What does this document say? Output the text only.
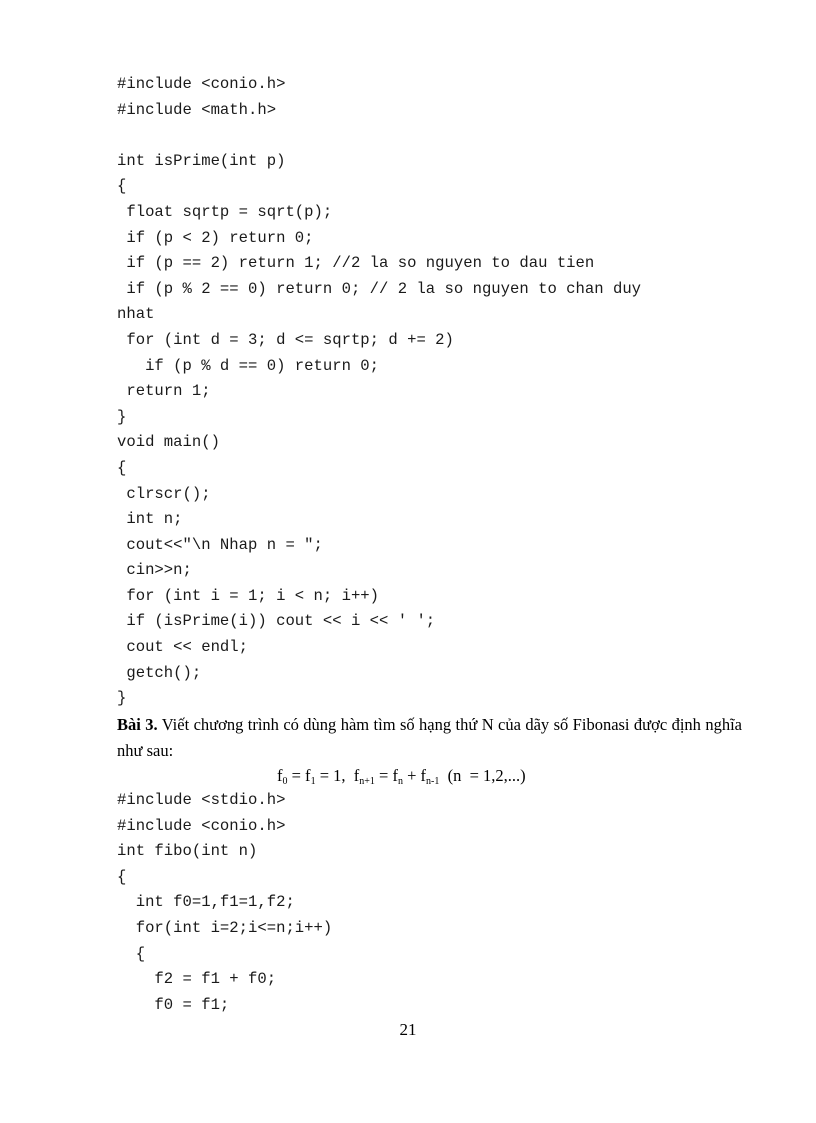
#include <conio.h>
#include <math.h>
int isPrime(int p)
{
float sqrtp = sqrt(p);
if (p < 2) return 0;
if (p == 2) return 1; //2 la so nguyen to dau tien
if (p % 2 == 0) return 0; // 2 la so nguyen to chan duy
nhat
for (int d = 3; d <= sqrtp; d += 2)
if (p % d == 0) return 0;
return 1;
}
void main()
{
clrscr();
int n;
cout<<"\n Nhap n = ";
cin>>n;
for (int i = 1; i < n; i++)
if (isPrime(i)) cout << i << ' ';
cout << endl;
getch();
}

Bài 3. Viết chương trình có dùng hàm tìm số hạng thứ N của dãy số Fibonasi được định nghĩa như sau:

$f_0 = f_1 = 1$,  $f_{n+1} = f_n + f_{n-1}$  (n  = 1,2,...)
#include <stdio.h>
#include <conio.h>
int fibo(int n)
{
int f0=1,f1=1,f2;
for(int i=2;i<=n;i++)
{
f2 = f1 + f0;
f0 = f1;
21
